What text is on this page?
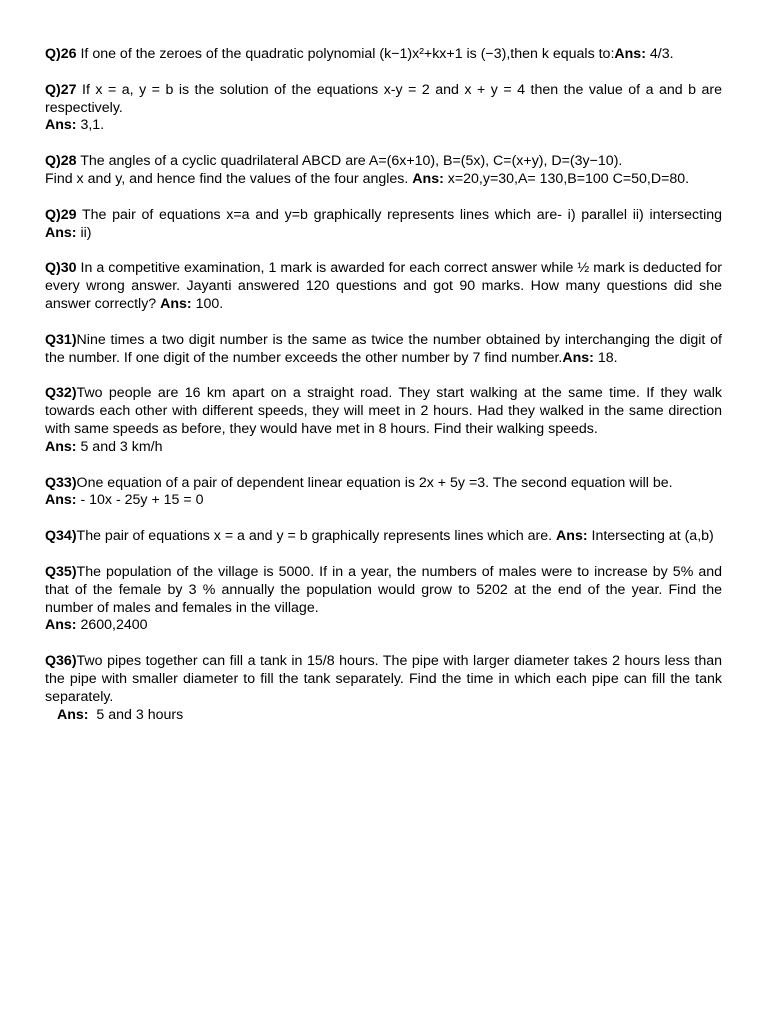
Q)26 If one of the zeroes of the quadratic polynomial (k−1)x²+kx+1 is (−3),then k equals to:Ans: 4/3.
Q)27 If x = a, y = b is the solution of the equations x-y = 2 and x + y = 4 then the value of a and b are respectively.
Ans: 3,1.
Q)28 The angles of a cyclic quadrilateral ABCD are A=(6x+10), B=(5x), C=(x+y), D=(3y−10).
Find x and y, and hence find the values of the four angles. Ans: x=20,y=30,A= 130,B=100 C=50,D=80.
Q)29 The pair of equations x=a and y=b graphically represents lines which are- i) parallel ii) intersecting Ans: ii)
Q)30 In a competitive examination, 1 mark is awarded for each correct answer while ½ mark is deducted for every wrong answer. Jayanti answered 120 questions and got 90 marks. How many questions did she answer correctly? Ans: 100.
Q31)Nine times a two digit number is the same as twice the number obtained by interchanging the digit of the number. If one digit of the number exceeds the other number by 7 find number.Ans: 18.
Q32)Two people are 16 km apart on a straight road. They start walking at the same time. If they walk towards each other with different speeds, they will meet in 2 hours. Had they walked in the same direction with same speeds as before, they would have met in 8 hours. Find their walking speeds.
Ans: 5 and 3 km/h
Q33)One equation of a pair of dependent linear equation is 2x + 5y =3. The second equation will be.
Ans: - 10x - 25y + 15 = 0
Q34)The pair of equations x = a and y = b graphically represents lines which are. Ans: Intersecting at (a,b)
Q35)The population of the village is 5000. If in a year, the numbers of males were to increase by 5% and that of the female by 3 % annually the population would grow to 5202 at the end of the year. Find the number of males and females in the village.
Ans: 2600,2400
Q36)Two pipes together can fill a tank in 15/8 hours. The pipe with larger diameter takes 2 hours less than the pipe with smaller diameter to fill the tank separately. Find the time in which each pipe can fill the tank separately.
Ans:  5 and 3 hours
